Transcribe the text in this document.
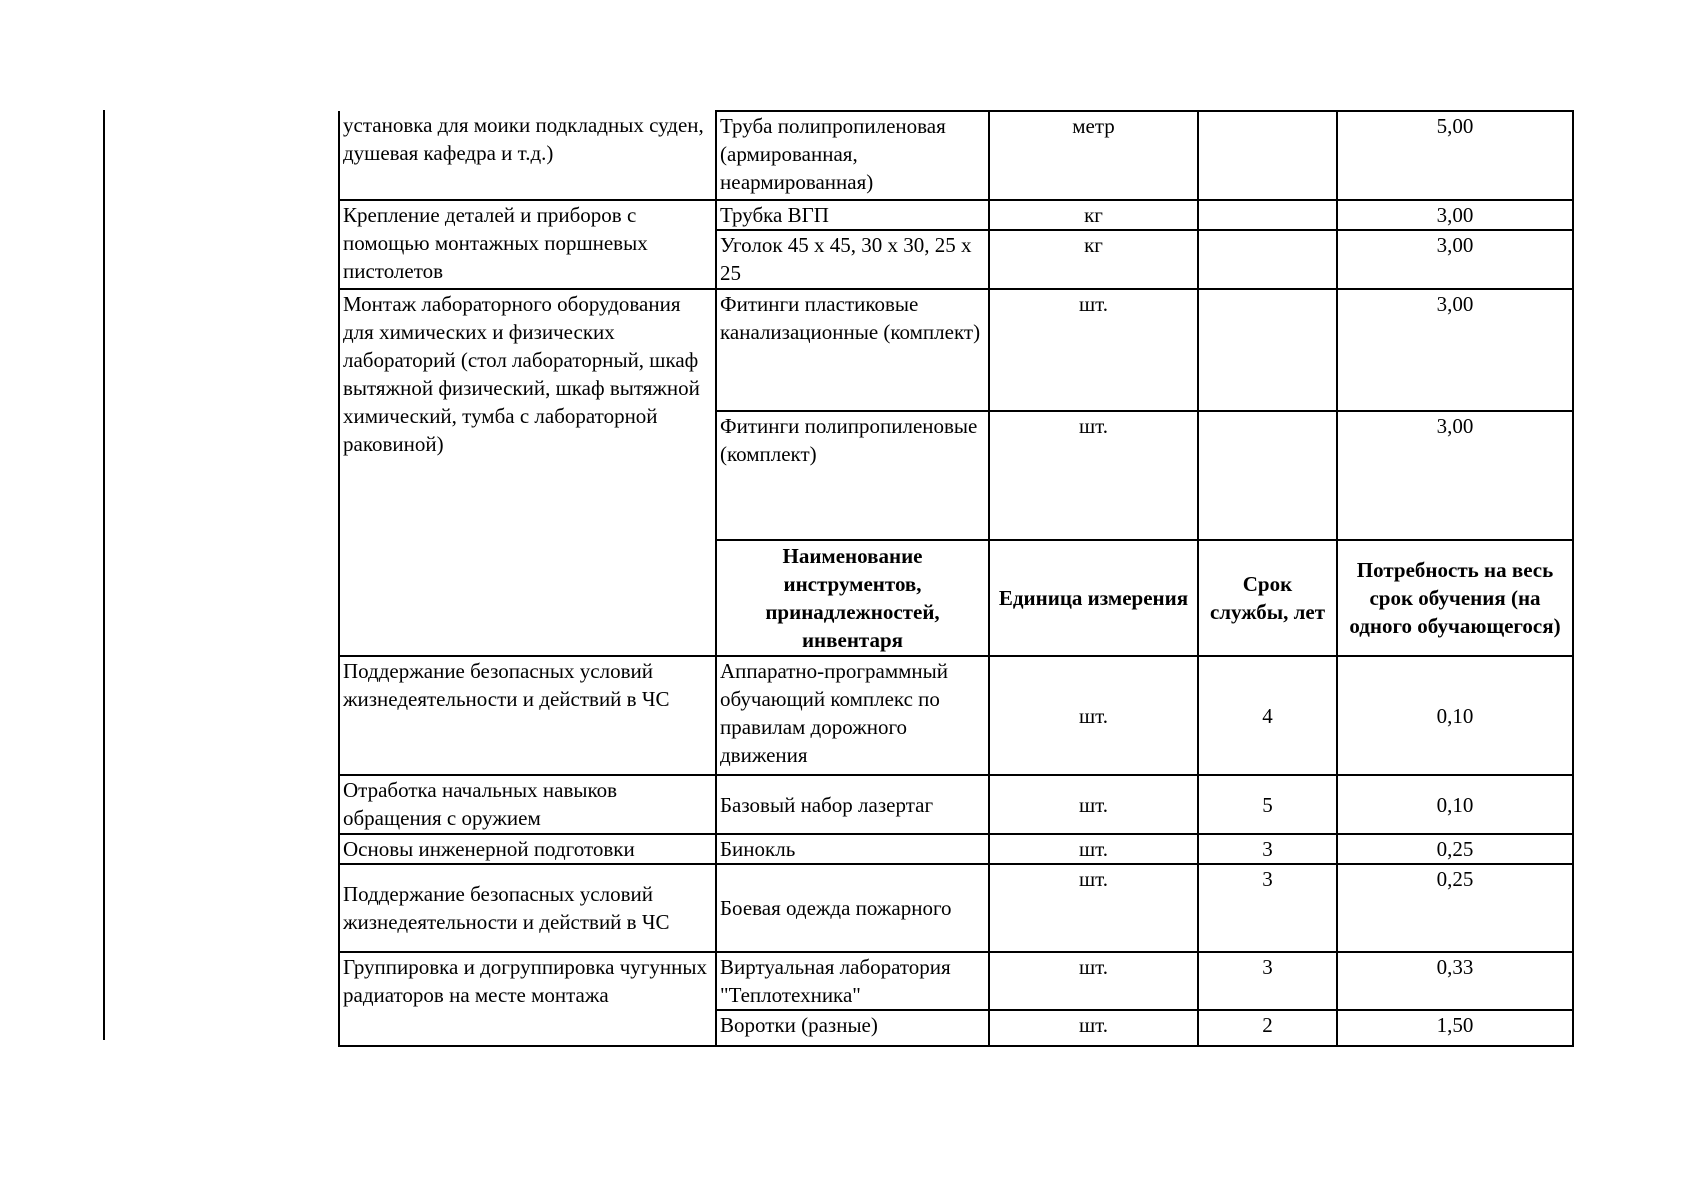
установка для моики подкладных суден, душевая кафедра и т.д.)	Труба полипропиленовая (армированная, неармированная)	метр		5,00
Крепление деталей и приборов с помощью монтажных поршневых пистолетов	Трубка ВГП	кг		3,00
	Уголок 45 х 45, 30 х 30, 25 х 25	кг		3,00
Монтаж лабораторного оборудования для химических и физических лабораторий (стол лабораторный, шкаф вытяжной физический, шкаф вытяжной химический, тумба с лабораторной раковиной)	Фитинги пластиковые канализационные (комплект)	шт.		3,00
	Фитинги полипропиленовые (комплект)	шт.		3,00
	Наименование инструментов, принадлежностей, инвентаря	Единица измерения	Срок службы, лет	Потребность на весь срок обучения (на одного обучающегося)
Поддержание безопасных условий жизнедеятельности и действий в ЧС	Аппаратно-программный обучающий комплекс по правилам дорожного движения	шт.	4	0,10
Отработка начальных навыков обращения с оружием	Базовый набор лазертаг	шт.	5	0,10
Основы инженерной подготовки	Бинокль	шт.	3	0,25
Поддержание безопасных условий жизнедеятельности и действий в ЧС	Боевая одежда пожарного	шт.	3	0,25
Группировка и догруппировка чугунных радиаторов на месте монтажа	Виртуальная лаборатория "Теплотехника"	шт.	3	0,33
	Воротки (разные)	шт.	2	1,50
